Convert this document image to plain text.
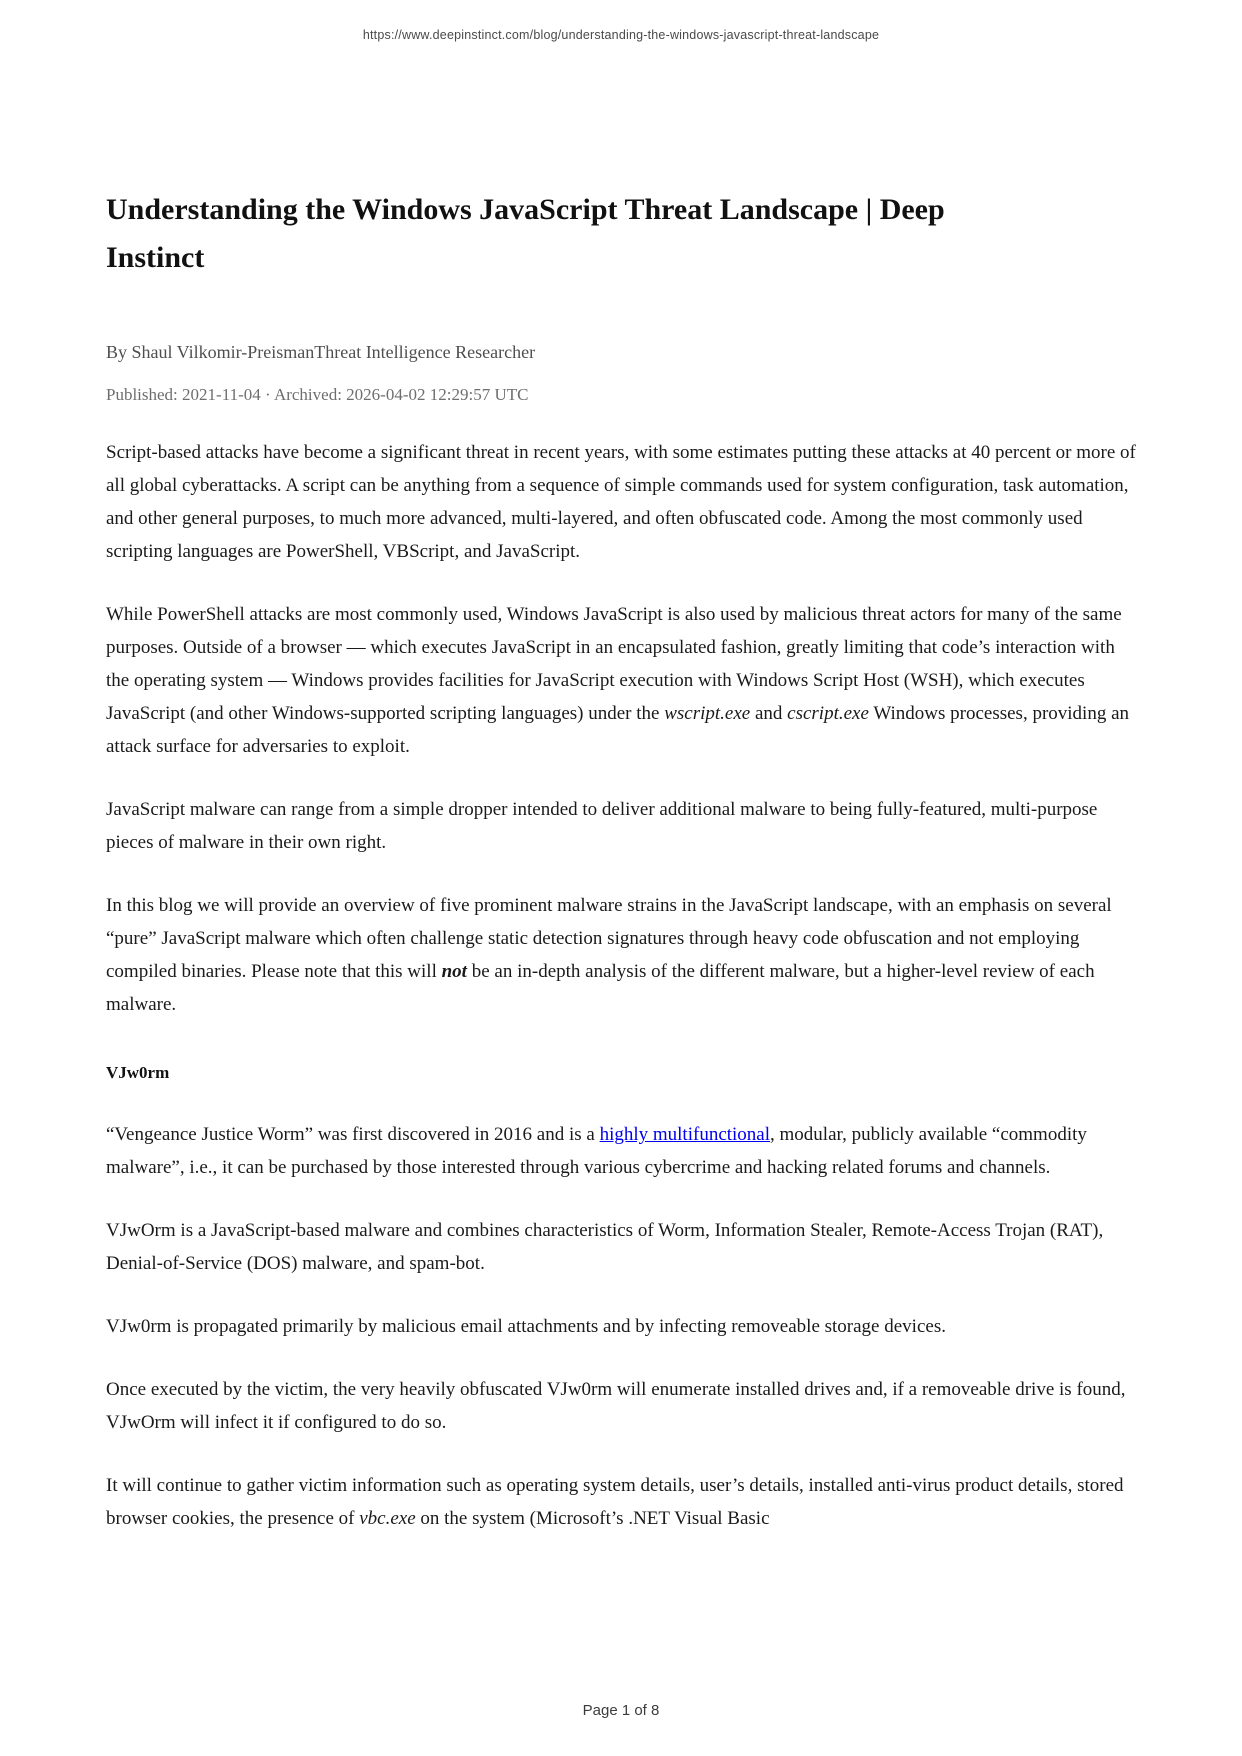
https://www.deepinstinct.com/blog/understanding-the-windows-javascript-threat-landscape
Understanding the Windows JavaScript Threat Landscape | Deep Instinct

By Shaul Vilkomir-PreismanThreat Intelligence Researcher

Published: 2021-11-04 · Archived: 2026-04-02 12:29:57 UTC

Script-based attacks have become a significant threat in recent years, with some estimates putting these attacks at 40 percent or more of all global cyberattacks. A script can be anything from a sequence of simple commands used for system configuration, task automation, and other general purposes, to much more advanced, multi-layered, and often obfuscated code. Among the most commonly used scripting languages are PowerShell, VBScript, and JavaScript.

While PowerShell attacks are most commonly used, Windows JavaScript is also used by malicious threat actors for many of the same purposes. Outside of a browser — which executes JavaScript in an encapsulated fashion, greatly limiting that code’s interaction with the operating system — Windows provides facilities for JavaScript execution with Windows Script Host (WSH), which executes JavaScript (and other Windows-supported scripting languages) under the wscript.exe and cscript.exe Windows processes, providing an attack surface for adversaries to exploit.

JavaScript malware can range from a simple dropper intended to deliver additional malware to being fully-featured, multi-purpose pieces of malware in their own right.

In this blog we will provide an overview of five prominent malware strains in the JavaScript landscape, with an emphasis on several “pure” JavaScript malware which often challenge static detection signatures through heavy code obfuscation and not employing compiled binaries. Please note that this will not be an in-depth analysis of the different malware, but a higher-level review of each malware.

VJw0rm

“Vengeance Justice Worm” was first discovered in 2016 and is a highly multifunctional, modular, publicly available “commodity malware”, i.e., it can be purchased by those interested through various cybercrime and hacking related forums and channels.

VJwOrm is a JavaScript-based malware and combines characteristics of Worm, Information Stealer, Remote-Access Trojan (RAT), Denial-of-Service (DOS) malware, and spam-bot.

VJw0rm is propagated primarily by malicious email attachments and by infecting removeable storage devices.

Once executed by the victim, the very heavily obfuscated VJw0rm will enumerate installed drives and, if a removeable drive is found, VJwOrm will infect it if configured to do so.

It will continue to gather victim information such as operating system details, user’s details, installed anti-virus product details, stored browser cookies, the presence of vbc.exe on the system (Microsoft’s .NET Visual Basic

Page 1 of 8
